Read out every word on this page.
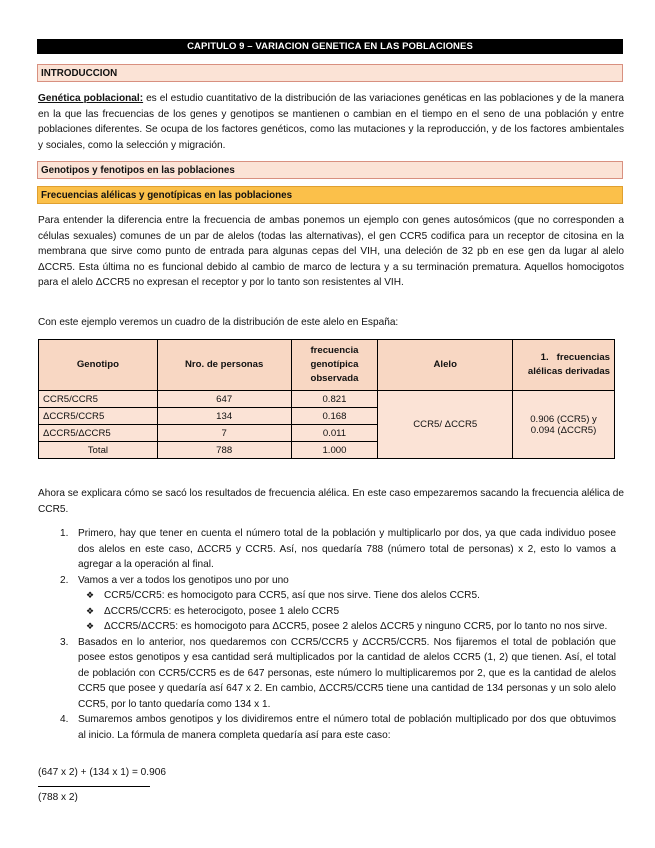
CAPITULO 9 – VARIACION GENETICA EN LAS POBLACIONES
INTRODUCCION
Genética poblacional: es el estudio cuantitativo de la distribución de las variaciones genéticas en las poblaciones y de la manera en la que las frecuencias de los genes y genotipos se mantienen o cambian en el tiempo en el seno de una población y entre poblaciones diferentes. Se ocupa de los factores genéticos, como las mutaciones y la reproducción, y de los factores ambientales y sociales, como la selección y migración.
Genotipos y fenotipos en las poblaciones
Frecuencias alélicas y genotípicas en las poblaciones
Para entender la diferencia entre la frecuencia de ambas ponemos un ejemplo con genes autosómicos (que no corresponden a células sexuales) comunes de un par de alelos (todas las alternativas), el gen CCR5 codifica para un receptor de citosina en la membrana que sirve como punto de entrada para algunas cepas del VIH, una deleción de 32 pb en ese gen da lugar al alelo ΔCCR5. Esta última no es funcional debido al cambio de marco de lectura y a su terminación prematura. Aquellos homocigotos para el alelo ΔCCR5 no expresan el receptor y por lo tanto son resistentes al VIH.
Con este ejemplo veremos un cuadro de la distribución de este alelo en España:
Genotipo	Nro. de personas	frecuencia genotípica observada	Alelo	1. frecuencias alélicas derivadas
CCR5/CCR5	647	0.821	CCR5/ ΔCCR5	0.906 (CCR5) y
0.094 (ΔCCR5)
ΔCCR5/CCR5	134	0.168		
ΔCCR5/ΔCCR5	7	0.011		
Total	788	1.000		
Ahora se explicara cómo se sacó los resultados de frecuencia alélica. En este caso empezaremos sacando la frecuencia alélica de CCR5.
1. Primero, hay que tener en cuenta el número total de la población y multiplicarlo por dos, ya que cada individuo posee dos alelos en este caso, ΔCCR5 y CCR5. Así, nos quedaría 788 (número total de personas) x 2, esto lo vamos a agregar a la operación al final.
2. Vamos a ver a todos los genotipos uno por uno
❖ CCR5/CCR5: es homocigoto para CCR5, así que nos sirve. Tiene dos alelos CCR5.
❖ ΔCCR5/CCR5: es heterocigoto, posee 1 alelo CCR5
❖ ΔCCR5/ΔCCR5: es homocigoto para ΔCCR5, posee 2 alelos ΔCCR5 y ninguno CCR5, por lo tanto no nos sirve.
3. Basados en lo anterior, nos quedaremos con CCR5/CCR5 y ΔCCR5/CCR5. Nos fijaremos el total de población que posee estos genotipos y esa cantidad será multiplicados por la cantidad de alelos CCR5 (1, 2) que tienen. Así, el total de población con CCR5/CCR5 es de 647 personas, este número lo multiplicaremos por 2, que es la cantidad de alelos CCR5 que posee y quedaría así 647 x 2. En cambio, ΔCCR5/CCR5 tiene una cantidad de 134 personas y un solo alelo CCR5, por lo tanto quedaría como 134 x 1.
4. Sumaremos ambos genotipos y los dividiremos entre el número total de población multiplicado por dos que obtuvimos al inicio. La fórmula de manera completa quedaría así para este caso:
(647 x 2) + (134 x 1) = 0.906
(788 x 2)
